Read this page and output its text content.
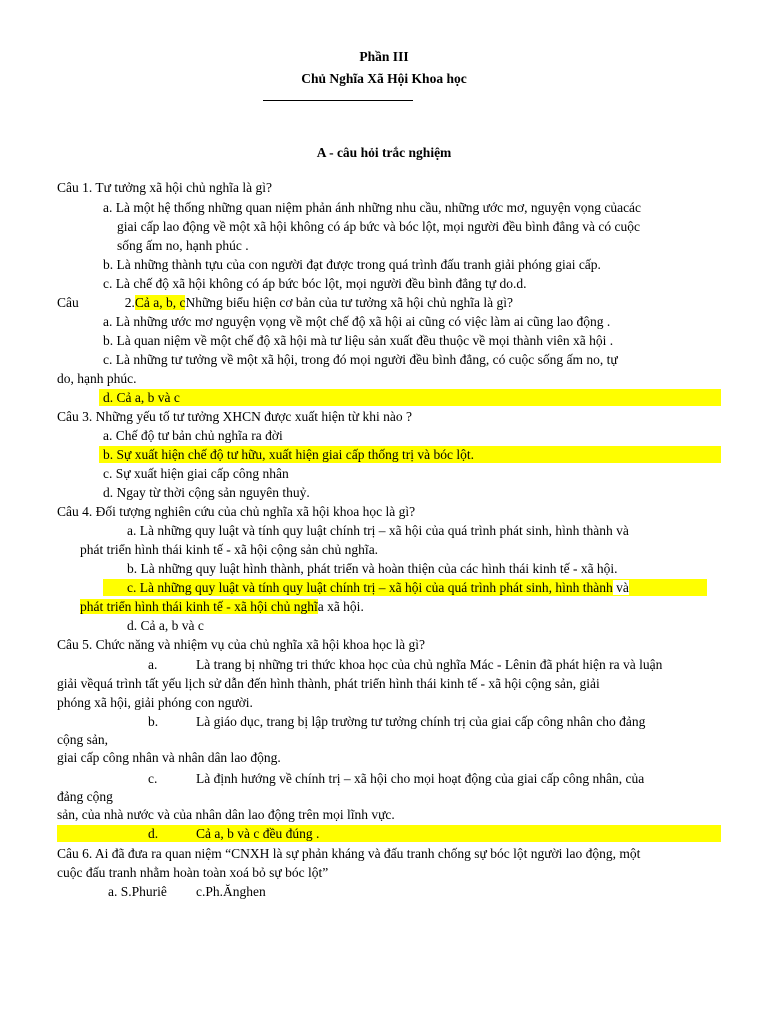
Phần III
Chủ Nghĩa Xã Hội Khoa học
A - câu hỏi trắc nghiệm
Câu 1. Tư tưởng xã hội chủ nghĩa là gì?
a. Là một hệ thống những quan niệm phản ánh những nhu cầu, những ước mơ, nguyện vọng củacác
giai cấp lao động về một xã hội không có áp bức và bóc lột, mọi người đều bình đẳng và có cuộc
sống ấm no, hạnh phúc .
b. Là những thành tựu của con người đạt được trong quá trình đấu tranh giải phóng giai cấp.
c. Là chế độ xã hội không có áp bức bóc lột, mọi người đều bình đẳng tự do.d.
Câu	2.Cả a, b, cNhững biểu hiện cơ bản của tư tưởng xã hội chủ nghĩa là gì?
a. Là những ước mơ nguyện vọng về một chế độ xã hội ai cũng có việc làm ai cũng lao động .
b. Là quan niệm về một chế độ xã hội mà tư liệu sản xuất đều thuộc về mọi thành viên xã hội .
c. Là những tư tưởng về một xã hội, trong đó mọi người đều bình đẳng, có cuộc sống ấm no, tự
do, hạnh phúc.
d. Cả a, b và c
Câu 3. Những yếu tố tư tưởng XHCN được xuất hiện từ khi nào ?
a. Chế độ tư bản chủ nghĩa ra đời
b. Sự xuất hiện chế độ tư hữu, xuất hiện giai cấp thống trị và bóc lột.
c. Sự xuất hiện giai cấp công nhân
d. Ngay từ thời cộng sản nguyên thuỷ.
Câu 4. Đối tượng nghiên cứu của chủ nghĩa xã hội khoa học là gì?
a. Là những quy luật và tính quy luật chính trị – xã hội của quá trình phát sinh, hình thành và
phát triển hình thái kinh tế - xã hội cộng sản chủ nghĩa.
b. Là những quy luật hình thành, phát triển và hoàn thiện của các hình thái kinh tế - xã hội.
c. Là những quy luật và tính quy luật chính trị – xã hội của quá trình phát sinh, hình thành và
phát triển hình thái kinh tế - xã hội chủ nghĩa xã hội.
d. Cả a, b và c
Câu 5. Chức năng và nhiệm vụ của chủ nghĩa xã hội khoa học là gì?
a.	Là trang bị những tri thức khoa học của chủ nghĩa Mác - Lênin đã phát hiện ra và luận
giải vềquá trình tất yếu lịch sử dẫn đến hình thành, phát triển hình thái kinh tế - xã hội cộng sản, giải
phóng xã hội, giải phóng con người.
b.	Là giáo dục, trang bị lập trường tư tưởng chính trị của giai cấp công nhân cho đảng
cộng sản,
giai cấp công nhân và nhân dân lao động.
c.	Là định hướng về chính trị – xã hội cho mọi hoạt động của giai cấp công nhân, của
đảng cộng
sản, của nhà nước và của nhân dân lao động trên mọi lĩnh vực.
d.	Cả a, b và c đều đúng .
Câu 6. Ai đã đưa ra quan niệm “CNXH là sự phản kháng và đấu tranh chống sự bóc lột người lao động, một
cuộc đấu tranh nhằm hoàn toàn xoá bỏ sự bóc lột”
a. S.Phuriê c.Ph.Ănghen
